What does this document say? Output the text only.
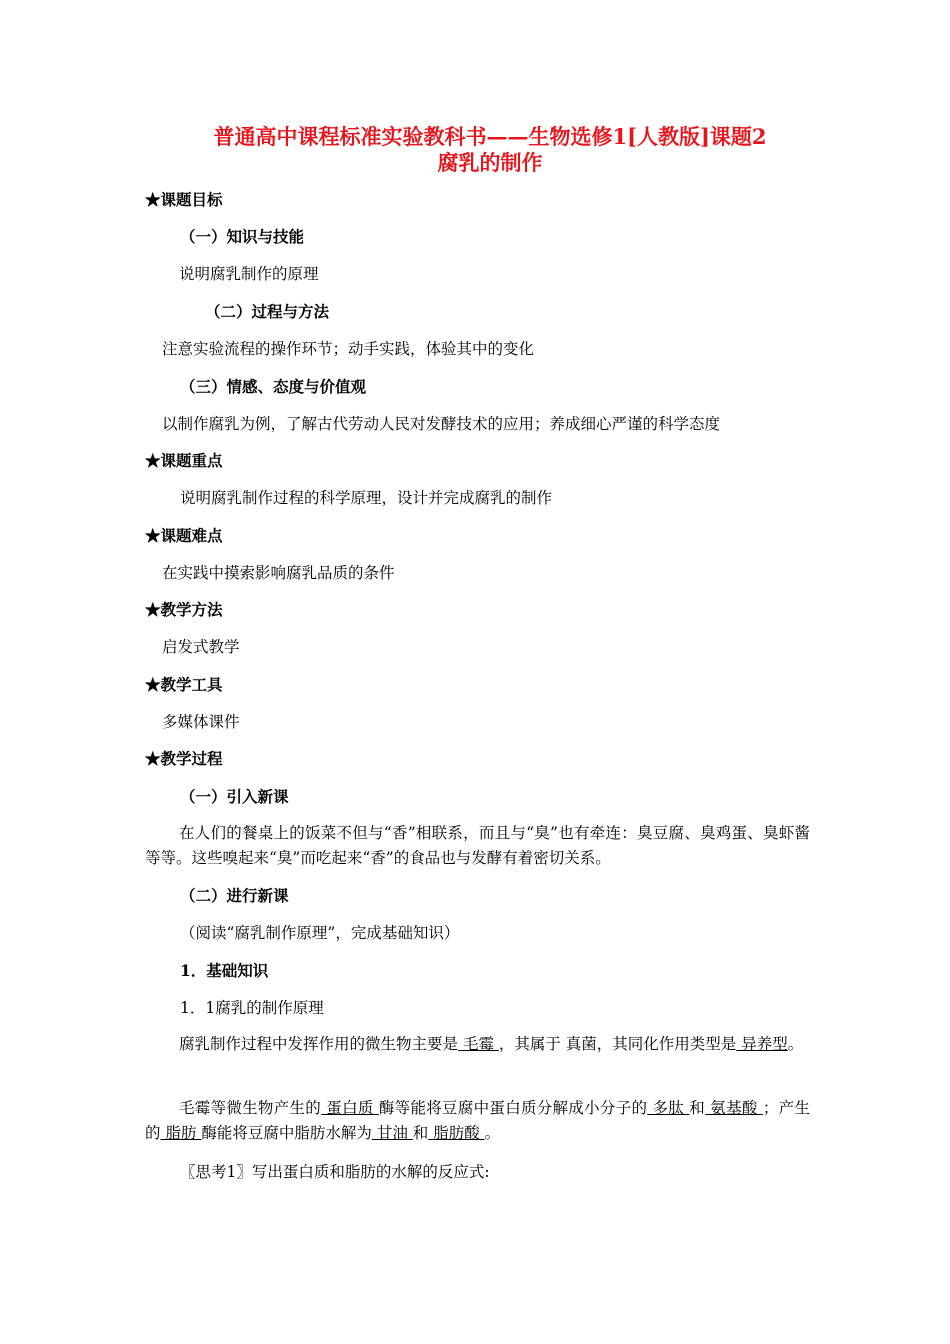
普通高中课程标准实验教科书——生物选修1[人教版]课题2
腐乳的制作
★课题目标
（一）知识与技能
说明腐乳制作的原理
（二）过程与方法
注意实验流程的操作环节；动手实践，体验其中的变化
（三）情感、态度与价值观
以制作腐乳为例，了解古代劳动人民对发酵技术的应用；养成细心严谨的科学态度
★课题重点
说明腐乳制作过程的科学原理，设计并完成腐乳的制作
★课题难点
在实践中摸索影响腐乳品质的条件
★教学方法
启发式教学
★教学工具
多媒体课件
★教学过程
（一）引入新课
在人们的餐桌上的饭菜不但与“香”相联系，而且与“臭”也有牵连：臭豆腐、臭鸡蛋、臭虾酱等等。这些嗅起来“臭”而吃起来“香”的食品也与发酵有着密切关系。
（二）进行新课
（阅读“腐乳制作原理”，完成基础知识）
1．基础知识
1．1腐乳的制作原理
腐乳制作过程中发挥作用的微生物主要是 毛霉 ，其属于 真菌，其同化作用类型是 异养型。
毛霉等微生物产生的 蛋白质 酶等能将豆腐中蛋白质分解成小分子的 多肽 和 氨基酸 ；产生的 脂肪 酶能将豆腐中脂肪水解为 甘油 和 脂肪酸 。
〖思考1〗写出蛋白质和脂肪的水解的反应式:
